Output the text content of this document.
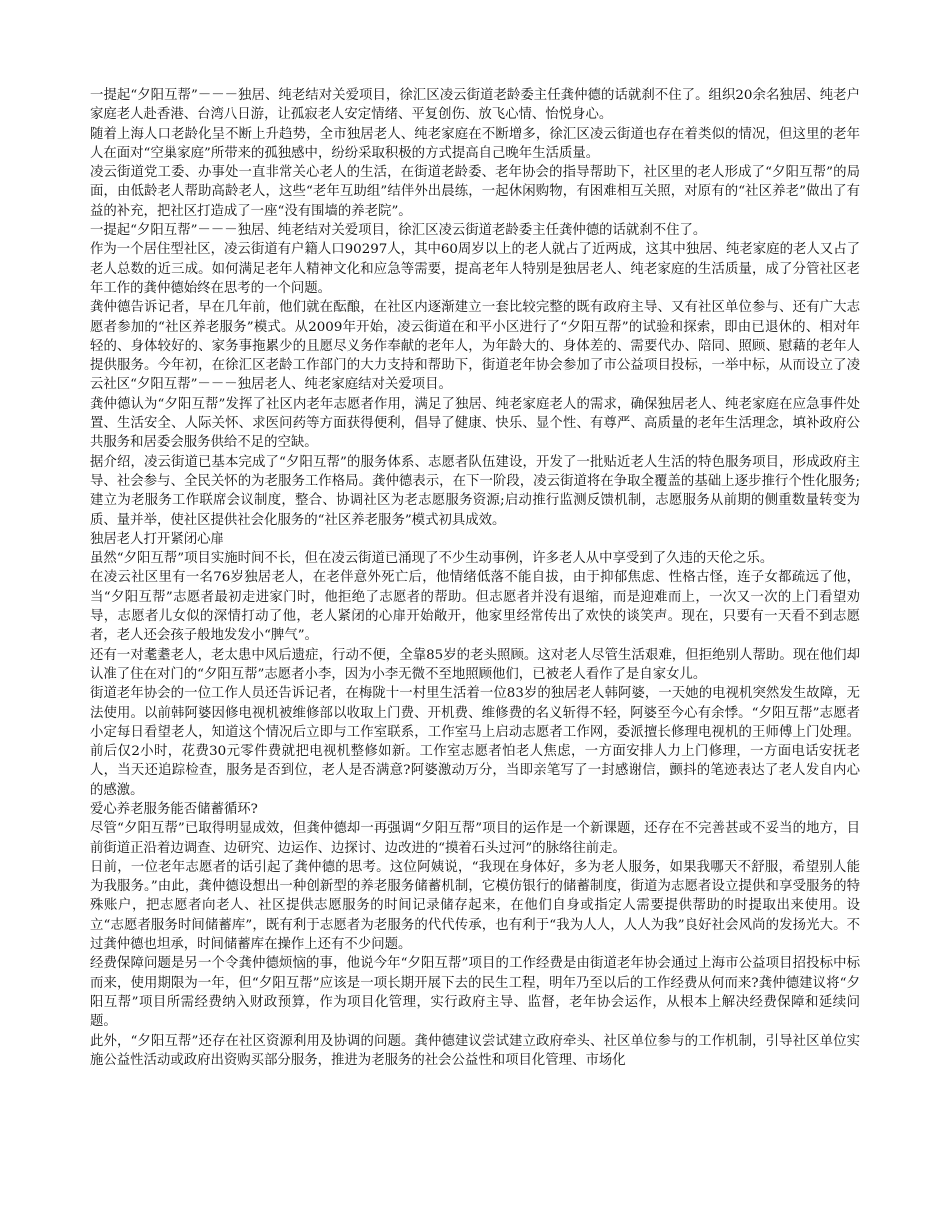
一提起“夕阳互帮”－－－独居、纯老结对关爱项目，徐汇区凌云街道老龄委主任龚仲德的话就刹不住了。组织20余名独居、纯老户家庭老人赴香港、台湾八日游，让孤寂老人安定情绪、平复创伤、放飞心情、怡悦身心。

随着上海人口老龄化呈不断上升趋势，全市独居老人、纯老家庭在不断增多，徐汇区凌云街道也存在着类似的情况，但这里的老年人在面对“空巢家庭”所带来的孤独感中，纷纷采取积极的方式提高自己晚年生活质量。

凌云街道党工委、办事处一直非常关心老人的生活，在街道老龄委、老年协会的指导帮助下，社区里的老人形成了“夕阳互帮”的局面，由低龄老人帮助高龄老人，这些“老年互助组”结伴外出晨练，一起休闲购物，有困难相互关照，对原有的“社区养老”做出了有益的补充，把社区打造成了一座“没有围墙的养老院”。

一提起“夕阳互帮”－－－独居、纯老结对关爱项目，徐汇区凌云街道老龄委主任龚仲德的话就刹不住了。

作为一个居住型社区，凌云街道有户籍人口90297人，其中60周岁以上的老人就占了近两成，这其中独居、纯老家庭的老人又占了老人总数的近三成。如何满足老年人精神文化和应急等需要，提高老年人特别是独居老人、纯老家庭的生活质量，成了分管社区老年工作的龚仲德始终在思考的一个问题。

龚仲德告诉记者，早在几年前，他们就在酝酿，在社区内逐渐建立一套比较完整的既有政府主导、又有社区单位参与、还有广大志愿者参加的“社区养老服务”模式。从2009年开始，凌云街道在和平小区进行了“夕阳互帮”的试验和探索，即由已退休的、相对年轻的、身体较好的、家务事拖累少的且愿尽义务作奉献的老年人，为年龄大的、身体差的、需要代办、陪同、照顾、慰藉的老年人提供服务。今年初，在徐汇区老龄工作部门的大力支持和帮助下，街道老年协会参加了市公益项目投标，一举中标，从而设立了凌云社区“夕阳互帮”－－－独居老人、纯老家庭结对关爱项目。

龚仲德认为“夕阳互帮”发挥了社区内老年志愿者作用，满足了独居、纯老家庭老人的需求，确保独居老人、纯老家庭在应急事件处置、生活安全、人际关怀、求医问药等方面获得便利，倡导了健康、快乐、显个性、有尊严、高质量的老年生活理念，填补政府公共服务和居委会服务供给不足的空缺。

据介绍，凌云街道已基本完成了“夕阳互帮”的服务体系、志愿者队伍建设，开发了一批贴近老人生活的特色服务项目，形成政府主导、社会参与、全民关怀的为老服务工作格局。龚仲德表示，在下一阶段，凌云街道将在争取全覆盖的基础上逐步推行个性化服务;建立为老服务工作联席会议制度，整合、协调社区为老志愿服务资源;启动推行监测反馈机制，志愿服务从前期的侧重数量转变为质、量并举，使社区提供社会化服务的“社区养老服务”模式初具成效。

独居老人打开紧闭心扉

虽然“夕阳互帮”项目实施时间不长，但在凌云街道已涌现了不少生动事例，许多老人从中享受到了久违的天伦之乐。

在凌云社区里有一名76岁独居老人，在老伴意外死亡后，他情绪低落不能自拔，由于抑郁焦虑、性格古怪，连子女都疏远了他，当“夕阳互帮”志愿者最初走进家门时，他拒绝了志愿者的帮助。但志愿者并没有退缩，而是迎难而上，一次又一次的上门看望劝导，志愿者儿女似的深情打动了他，老人紧闭的心扉开始敞开，他家里经常传出了欢快的谈笑声。现在，只要有一天看不到志愿者，老人还会孩子般地发发小“脾气”。

还有一对耄耋老人，老太患中风后遗症，行动不便，全靠85岁的老头照顾。这对老人尽管生活艰难，但拒绝别人帮助。现在他们却认准了住在对门的“夕阳互帮”志愿者小李，因为小李无微不至地照顾他们，已被老人看作了是自家女儿。

街道老年协会的一位工作人员还告诉记者，在梅陇十一村里生活着一位83岁的独居老人韩阿婆，一天她的电视机突然发生故障，无法使用。以前韩阿婆因修电视机被维修部以收取上门费、开机费、维修费的名义斩得不轻，阿婆至今心有余悸。“夕阳互帮”志愿者小定每日看望老人，知道这个情况后立即与工作室联系，工作室马上启动志愿者工作网，委派擅长修理电视机的王师傅上门处理。前后仅2小时，花费30元零件费就把电视机整修如新。工作室志愿者怕老人焦虑，一方面安排人力上门修理，一方面电话安抚老人，当天还追踪检查，服务是否到位，老人是否满意?阿婆激动万分，当即亲笔写了一封感谢信，颤抖的笔迹表达了老人发自内心的感激。

爱心养老服务能否储蓄循环?

尽管“夕阳互帮”已取得明显成效，但龚仲德却一再强调“夕阳互帮”项目的运作是一个新课题，还存在不完善甚或不妥当的地方，目前街道正沿着边调查、边研究、边运作、边探讨、边改进的“摸着石头过河”的脉络往前走。

日前，一位老年志愿者的话引起了龚仲德的思考。这位阿姨说，“我现在身体好，多为老人服务，如果我哪天不舒服，希望别人能为我服务。”由此，龚仲德设想出一种创新型的养老服务储蓄机制，它模仿银行的储蓄制度，街道为志愿者设立提供和享受服务的特殊账户，把志愿者向老人、社区提供志愿服务的时间记录储存起来，在他们自身或指定人需要提供帮助的时提取出来使用。设立“志愿者服务时间储蓄库”，既有利于志愿者为老服务的代代传承，也有利于“我为人人，人人为我”良好社会风尚的发扬光大。不过龚仲德也坦承，时间储蓄库在操作上还有不少问题。

经费保障问题是另一个令龚仲德烦恼的事，他说今年“夕阳互帮”项目的工作经费是由街道老年协会通过上海市公益项目招投标中标而来，使用期限为一年，但“夕阳互帮”应该是一项长期开展下去的民生工程，明年乃至以后的工作经费从何而来?龚仲德建议将“夕阳互帮”项目所需经费纳入财政预算，作为项目化管理，实行政府主导、监督，老年协会运作，从根本上解决经费保障和延续问题。

此外，“夕阳互帮”还存在社区资源利用及协调的问题。龚仲德建议尝试建立政府牵头、社区单位参与的工作机制，引导社区单位实施公益性活动或政府出资购买部分服务，推进为老服务的社会公益性和项目化管理、市场化
